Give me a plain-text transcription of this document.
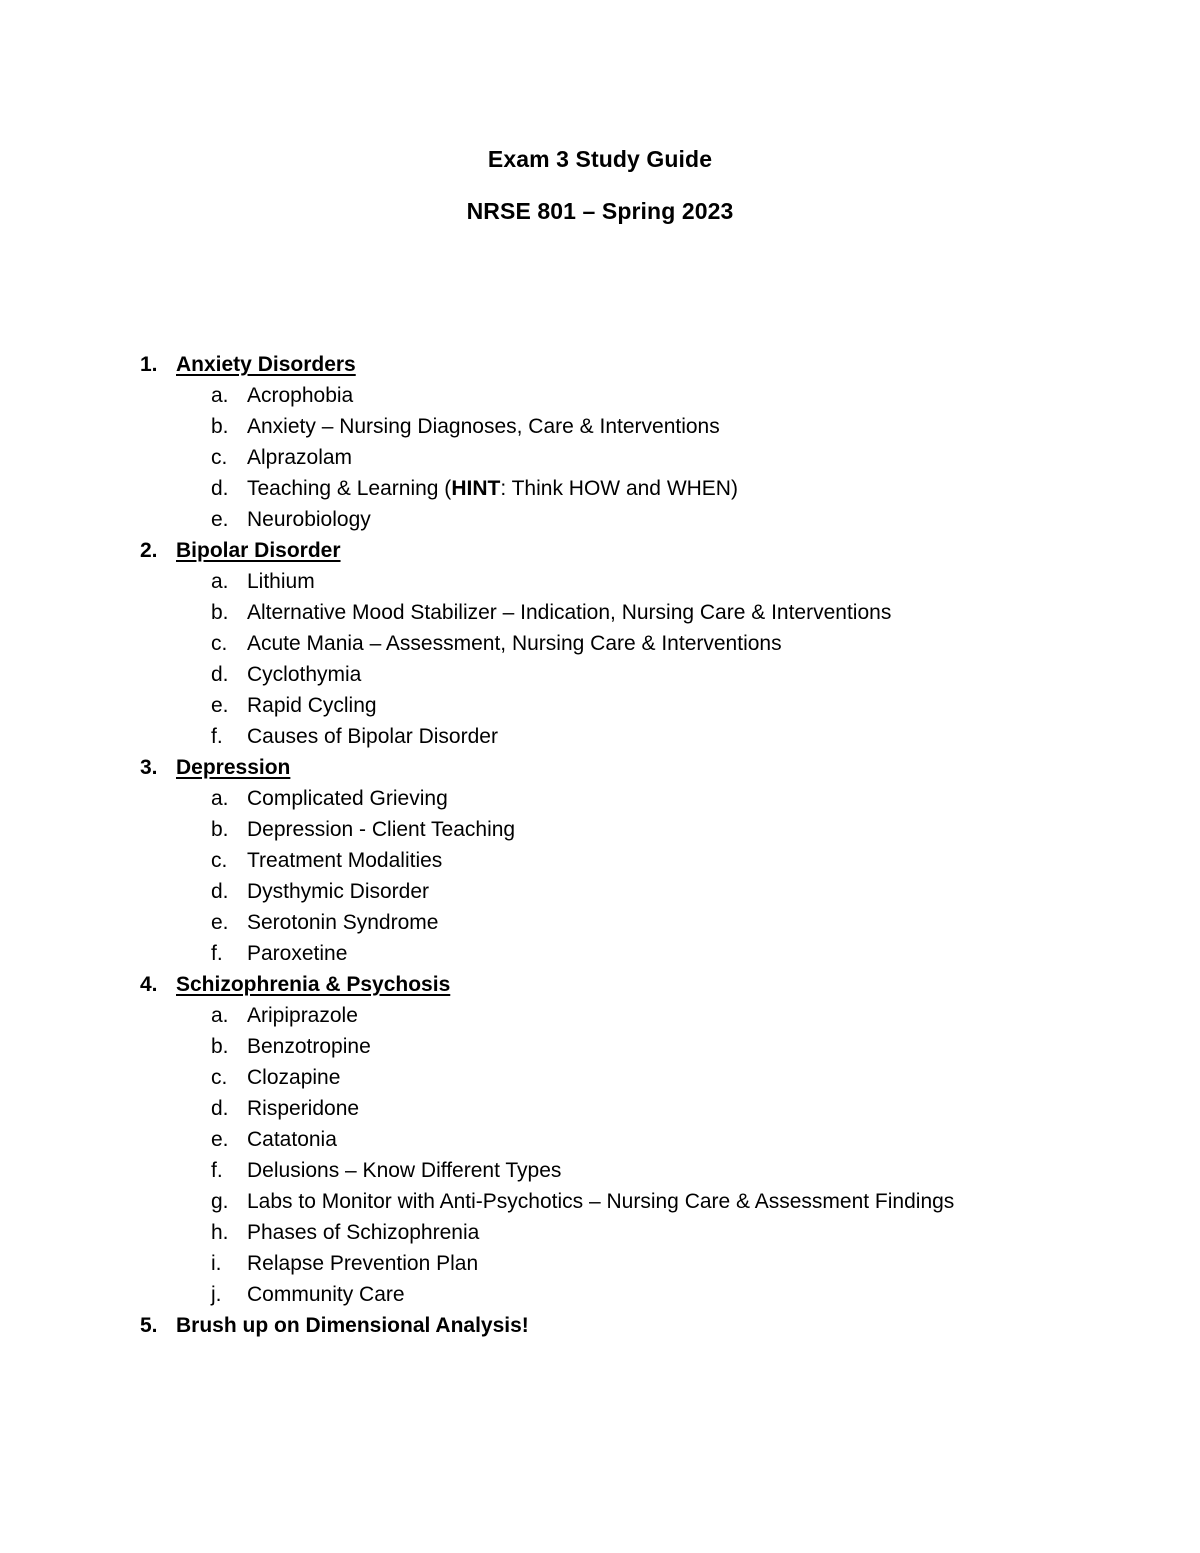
Exam 3 Study Guide
NRSE 801 – Spring 2023
1. Anxiety Disorders
a. Acrophobia
b. Anxiety – Nursing Diagnoses, Care & Interventions
c. Alprazolam
d. Teaching & Learning (HINT: Think HOW and WHEN)
e. Neurobiology
2. Bipolar Disorder
a. Lithium
b. Alternative Mood Stabilizer – Indication, Nursing Care & Interventions
c. Acute Mania – Assessment, Nursing Care & Interventions
d. Cyclothymia
e. Rapid Cycling
f. Causes of Bipolar Disorder
3. Depression
a. Complicated Grieving
b. Depression - Client Teaching
c. Treatment Modalities
d. Dysthymic Disorder
e. Serotonin Syndrome
f. Paroxetine
4. Schizophrenia & Psychosis
a. Aripiprazole
b. Benzotropine
c. Clozapine
d. Risperidone
e. Catatonia
f. Delusions – Know Different Types
g. Labs to Monitor with Anti-Psychotics – Nursing Care & Assessment Findings
h. Phases of Schizophrenia
i. Relapse Prevention Plan
j. Community Care
5. Brush up on Dimensional Analysis!
